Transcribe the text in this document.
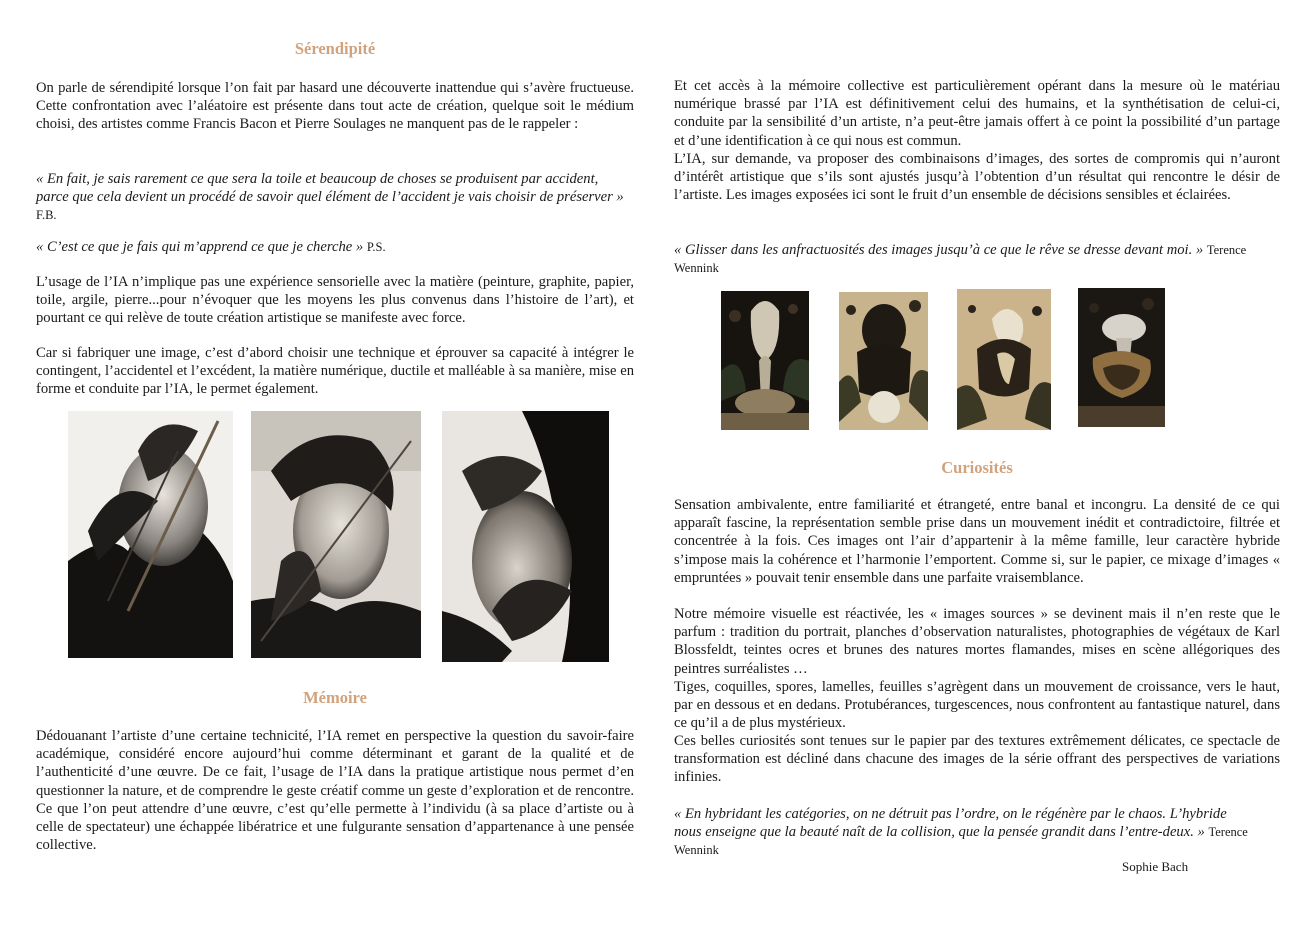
Sérendipité

On parle de sérendipité lorsque l’on fait par hasard une découverte inattendue qui s’avère fructueuse. Cette confrontation avec l’aléatoire est présente dans tout acte de création, quelque soit le médium choisi, des artistes comme Francis Bacon et Pierre Soulages ne manquent pas de le rappeler :

« En fait, je sais rarement ce que sera la toile et beaucoup de choses se produisent par accident, parce que cela devient un procédé de savoir quel élément de l’accident je vais choisir de préserver » F.B.

« C’est ce que je fais qui m’apprend ce que je cherche » P.S.

L’usage de l’IA n’implique pas une expérience sensorielle avec la matière (peinture, graphite, papier, toile, argile, pierre...pour n’évoquer que les moyens les plus convenus dans l’histoire de l’art), et pourtant ce qui relève de toute création artistique se manifeste avec force.

Car si fabriquer une image, c’est d’abord choisir une technique et éprouver sa capacité à intégrer le contingent, l’accidentel et l’excédent, la matière numérique, ductile et malléable à sa manière, mise en forme et conduite par l’IA, le permet également.

Mémoire

Dédouanant l’artiste d’une certaine technicité, l’IA remet en perspective la question du savoir-faire académique, considéré encore aujourd’hui comme déterminant et garant de la qualité et de l’authenticité d’une œuvre. De ce fait, l’usage de l’IA dans la pratique artistique nous permet d’en questionner la nature, et de comprendre le geste créatif comme un geste d’exploration et de rencontre. Ce que l’on peut attendre d’une œuvre, c’est qu’elle permette à l’individu (à sa place d’artiste ou à celle de spectateur) une échappée libératrice et une fulgurante sensation d’appartenance à une pensée collective.

Et cet accès à la mémoire collective est particulièrement opérant dans la mesure où le matériau numérique brassé par l’IA est définitivement celui des humains, et la synthétisation de celui-ci, conduite par la sensibilité d’un artiste, n’a peut-être jamais offert à ce point la possibilité d’un partage et d’une identification à ce qui nous est commun.

L’IA, sur demande, va proposer des combinaisons d’images, des sortes de compromis qui n’auront d’intérêt artistique que s’ils sont ajustés jusqu’à l’obtention d’un résultat qui rencontre le désir de l’artiste. Les images exposées ici sont le fruit d’un ensemble de décisions sensibles et éclairées.

« Glisser dans les anfractuosités des images jusqu’à ce que le rêve se dresse devant moi. » Terence Wennink

Curiosités

Sensation ambivalente, entre familiarité et étrangeté, entre banal et incongru. La densité de ce qui apparaît fascine, la représentation semble prise dans un mouvement inédit et contradictoire, filtrée et concentrée à la fois. Ces images ont l’air d’appartenir à la même famille, leur caractère hybride s’impose mais la cohérence et l’harmonie l’emportent. Comme si, sur le papier, ce mixage d’images « empruntées » pouvait tenir ensemble dans une parfaite vraisemblance.

Notre mémoire visuelle est réactivée, les « images sources » se devinent mais il n’en reste que le parfum : tradition du portrait, planches d’observation naturalistes, photographies de végétaux de Karl Blossfeldt, teintes ocres et brunes des natures mortes flamandes, mises en scène allégoriques des peintres surréalistes …

Tiges, coquilles, spores, lamelles, feuilles s’agrègent dans un mouvement de croissance, vers le haut, par en dessous et en dedans. Protubérances, turgescences, nous confrontent au fantastique naturel, dans ce qu’il a de plus mystérieux.

Ces belles curiosités sont tenues sur le papier par des textures extrêmement délicates, ce spectacle de transformation est décliné dans chacune des images de la série offrant des perspectives de variations infinies.

« En hybridant les catégories, on ne détruit pas l’ordre, on le régénère par le chaos. L’hybride nous enseigne que la beauté naît de la collision, que la pensée grandit dans l’entre-deux. » Terence Wennink

Sophie Bach
